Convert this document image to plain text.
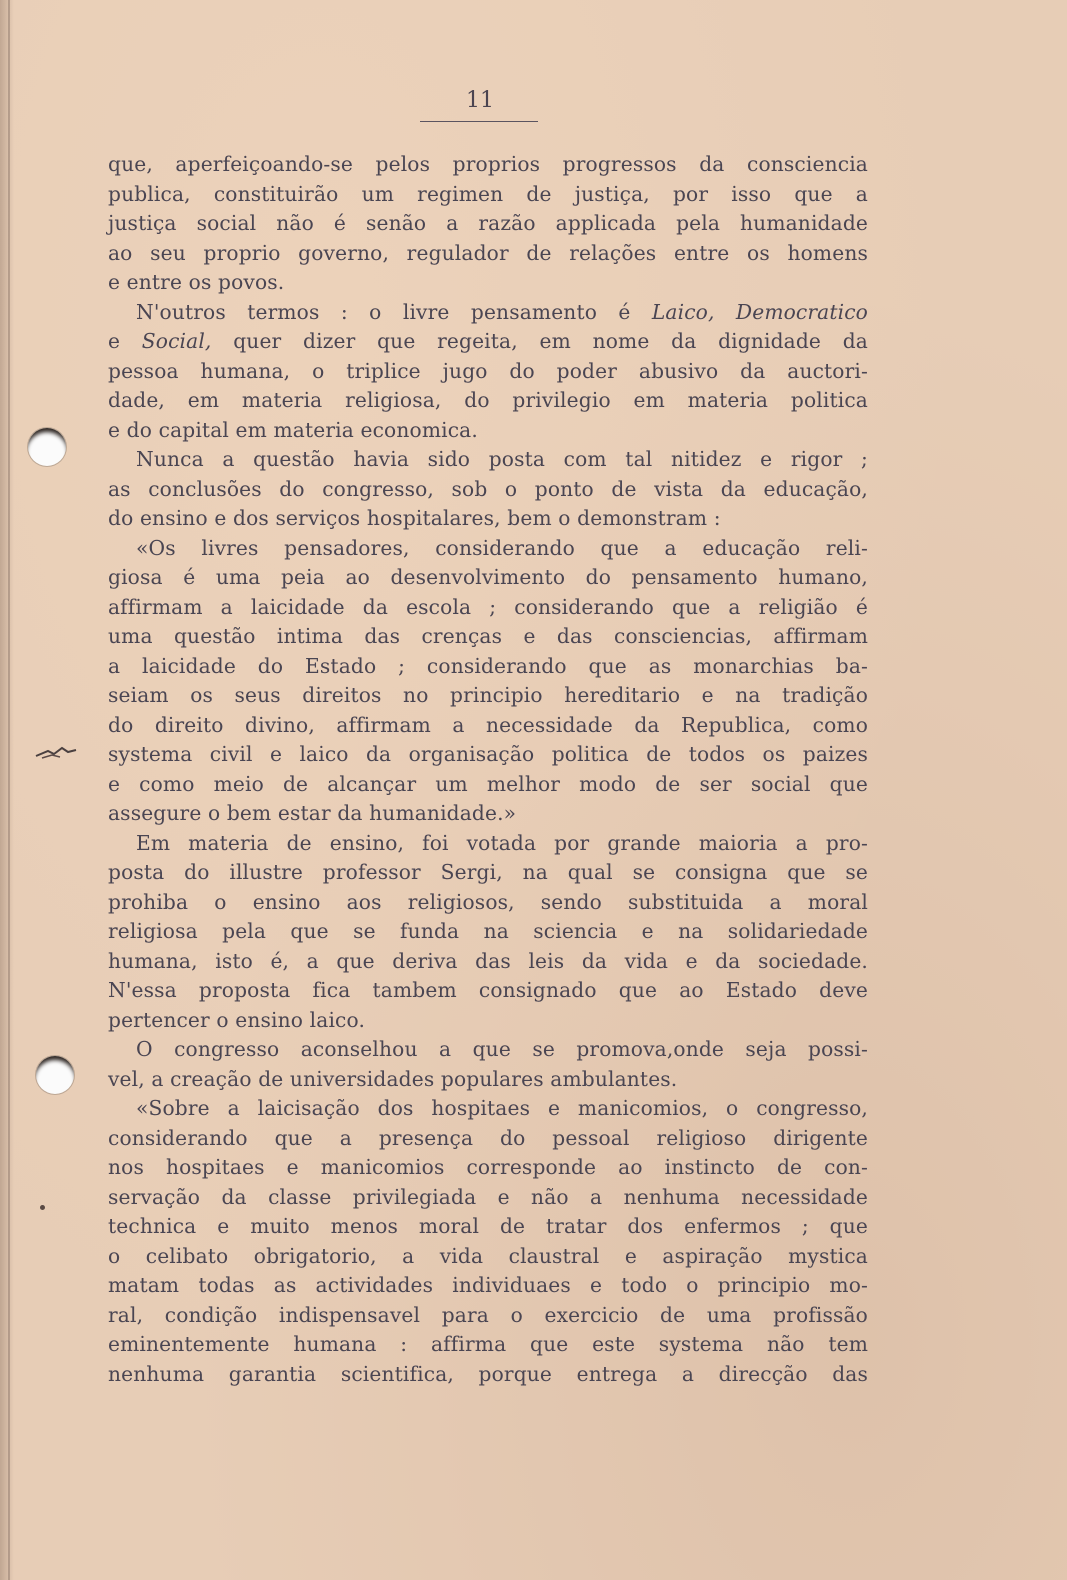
11
que, aperfeiçoando-se pelos proprios progressos da consciencia
publica, constituirão um regimen de justiça, por isso que a
justiça social não é senão a razão applicada pela humanidade
ao seu proprio governo, regulador de relações entre os homens
e entre os povos.
N'outros termos : o livre pensamento é Laico, Democratico
e Social, quer dizer que regeita, em nome da dignidade da
pessoa humana, o triplice jugo do poder abusivo da auctori-
dade, em materia religiosa, do privilegio em materia politica
e do capital em materia economica.
Nunca a questão havia sido posta com tal nitidez e rigor ;
as conclusões do congresso, sob o ponto de vista da educação,
do ensino e dos serviços hospitalares, bem o demonstram :
«Os livres pensadores, considerando que a educação reli-
giosa é uma peia ao desenvolvimento do pensamento humano,
affirmam a laicidade da escola ; considerando que a religião é
uma questão intima das crenças e das consciencias, affirmam
a laicidade do Estado ; considerando que as monarchias ba-
seiam os seus direitos no principio hereditario e na tradição
do direito divino, affirmam a necessidade da Republica, como
systema civil e laico da organisação politica de todos os paizes
e como meio de alcançar um melhor modo de ser social que
assegure o bem estar da humanidade.»
Em materia de ensino, foi votada por grande maioria a pro-
posta do illustre professor Sergi, na qual se consigna que se
prohiba o ensino aos religiosos, sendo substituida a moral
religiosa pela que se funda na sciencia e na solidariedade
humana, isto é, a que deriva das leis da vida e da sociedade.
N'essa proposta fica tambem consignado que ao Estado deve
pertencer o ensino laico.
O congresso aconselhou a que se promova,onde seja possi-
vel, a creação de universidades populares ambulantes.
«Sobre a laicisação dos hospitaes e manicomios, o congresso,
considerando que a presença do pessoal religioso dirigente
nos hospitaes e manicomios corresponde ao instincto de con-
servação da classe privilegiada e não a nenhuma necessidade
technica e muito menos moral de tratar dos enfermos ; que
o celibato obrigatorio, a vida claustral e aspiração mystica
matam todas as actividades individuaes e todo o principio mo-
ral, condição indispensavel para o exercicio de uma profissão
eminentemente humana : affirma que este systema não tem
nenhuma garantia scientifica, porque entrega a direcção das
